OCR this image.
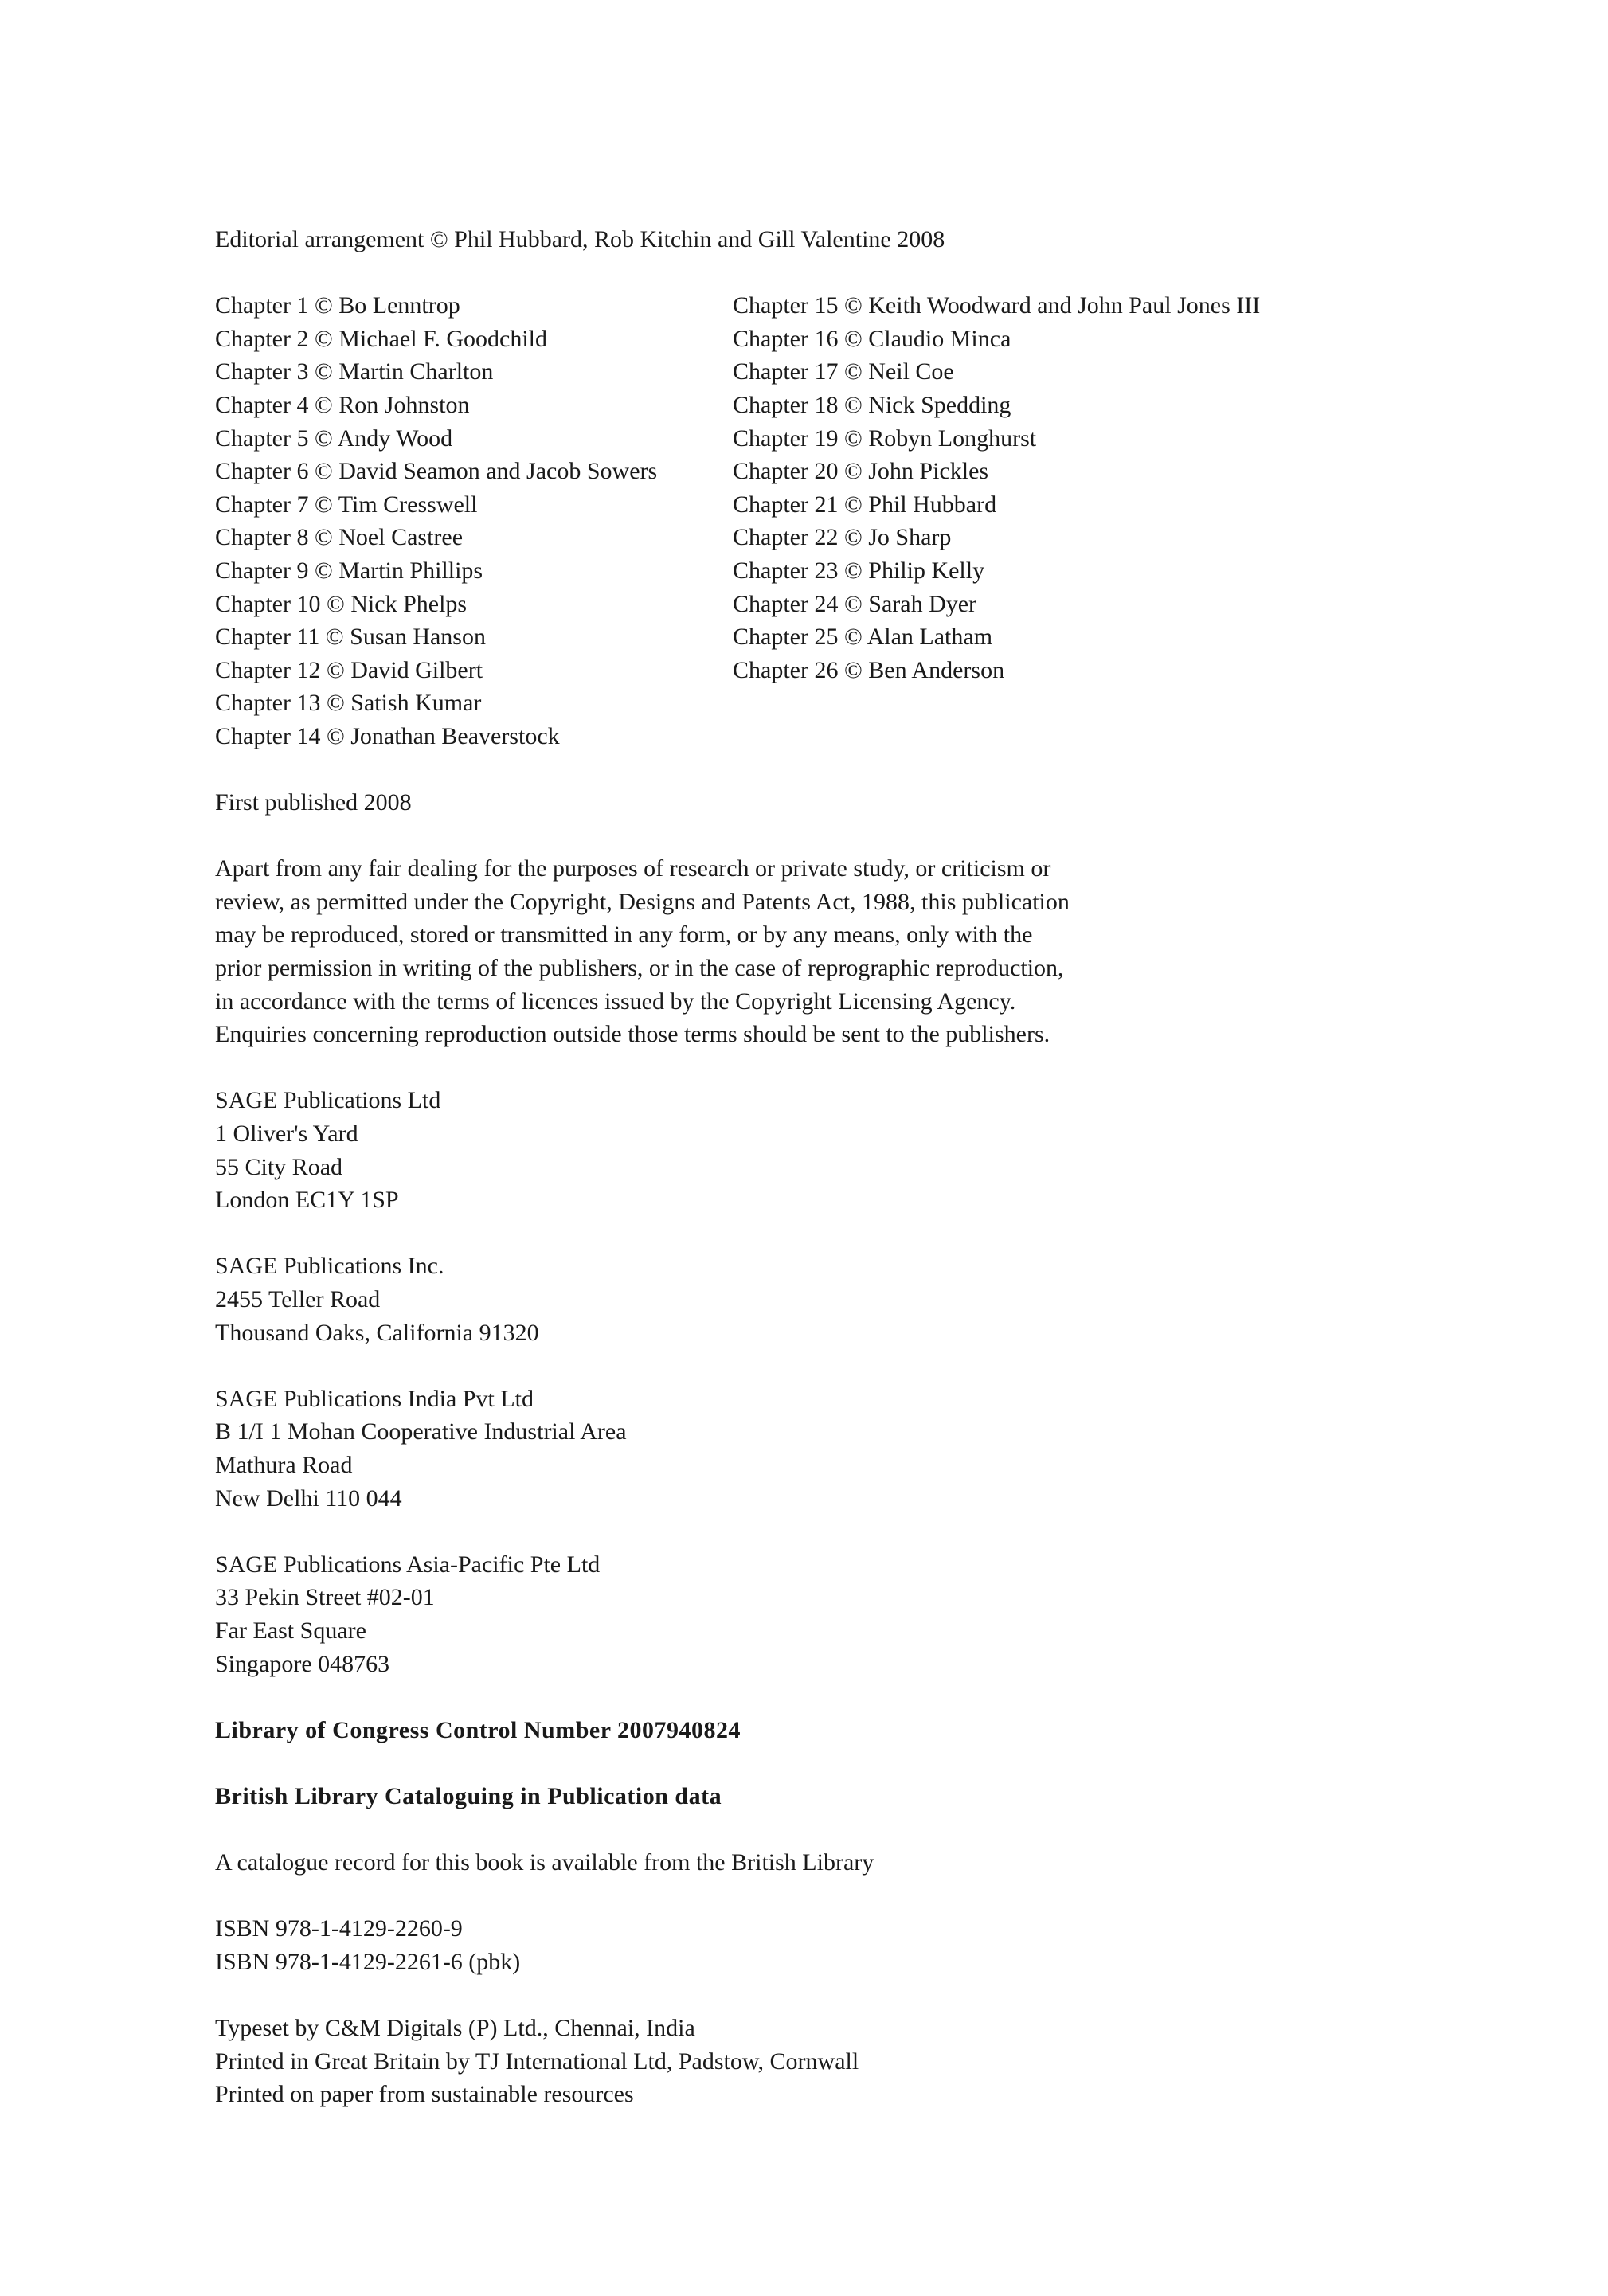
Editorial arrangement © Phil Hubbard, Rob Kitchin and Gill Valentine 2008
Chapter 1 © Bo Lenntrop
Chapter 2 © Michael F. Goodchild
Chapter 3 © Martin Charlton
Chapter 4 © Ron Johnston
Chapter 5 © Andy Wood
Chapter 6 © David Seamon and Jacob Sowers
Chapter 7 © Tim Cresswell
Chapter 8 © Noel Castree
Chapter 9 © Martin Phillips
Chapter 10 © Nick Phelps
Chapter 11 © Susan Hanson
Chapter 12 © David Gilbert
Chapter 13 © Satish Kumar
Chapter 14 © Jonathan Beaverstock
Chapter 15 © Keith Woodward and John Paul Jones III
Chapter 16 © Claudio Minca
Chapter 17 © Neil Coe
Chapter 18 © Nick Spedding
Chapter 19 © Robyn Longhurst
Chapter 20 © John Pickles
Chapter 21 © Phil Hubbard
Chapter 22 © Jo Sharp
Chapter 23 © Philip Kelly
Chapter 24 © Sarah Dyer
Chapter 25 © Alan Latham
Chapter 26 © Ben Anderson
First published 2008
Apart from any fair dealing for the purposes of research or private study, or criticism or
review, as permitted under the Copyright, Designs and Patents Act, 1988, this publication
may be reproduced, stored or transmitted in any form, or by any means, only with the
prior permission in writing of the publishers, or in the case of reprographic reproduction,
in accordance with the terms of licences issued by the Copyright Licensing Agency.
Enquiries concerning reproduction outside those terms should be sent to the publishers.
SAGE Publications Ltd
1 Oliver's Yard
55 City Road
London EC1Y 1SP
SAGE Publications Inc.
2455 Teller Road
Thousand Oaks, California 91320
SAGE Publications India Pvt Ltd
B 1/I 1 Mohan Cooperative Industrial Area
Mathura Road
New Delhi 110 044
SAGE Publications Asia-Pacific Pte Ltd
33 Pekin Street #02-01
Far East Square
Singapore 048763
Library of Congress Control Number 2007940824
British Library Cataloguing in Publication data
A catalogue record for this book is available from the British Library
ISBN 978-1-4129-2260-9
ISBN 978-1-4129-2261-6 (pbk)
Typeset by C&M Digitals (P) Ltd., Chennai, India
Printed in Great Britain by TJ International Ltd, Padstow, Cornwall
Printed on paper from sustainable resources
